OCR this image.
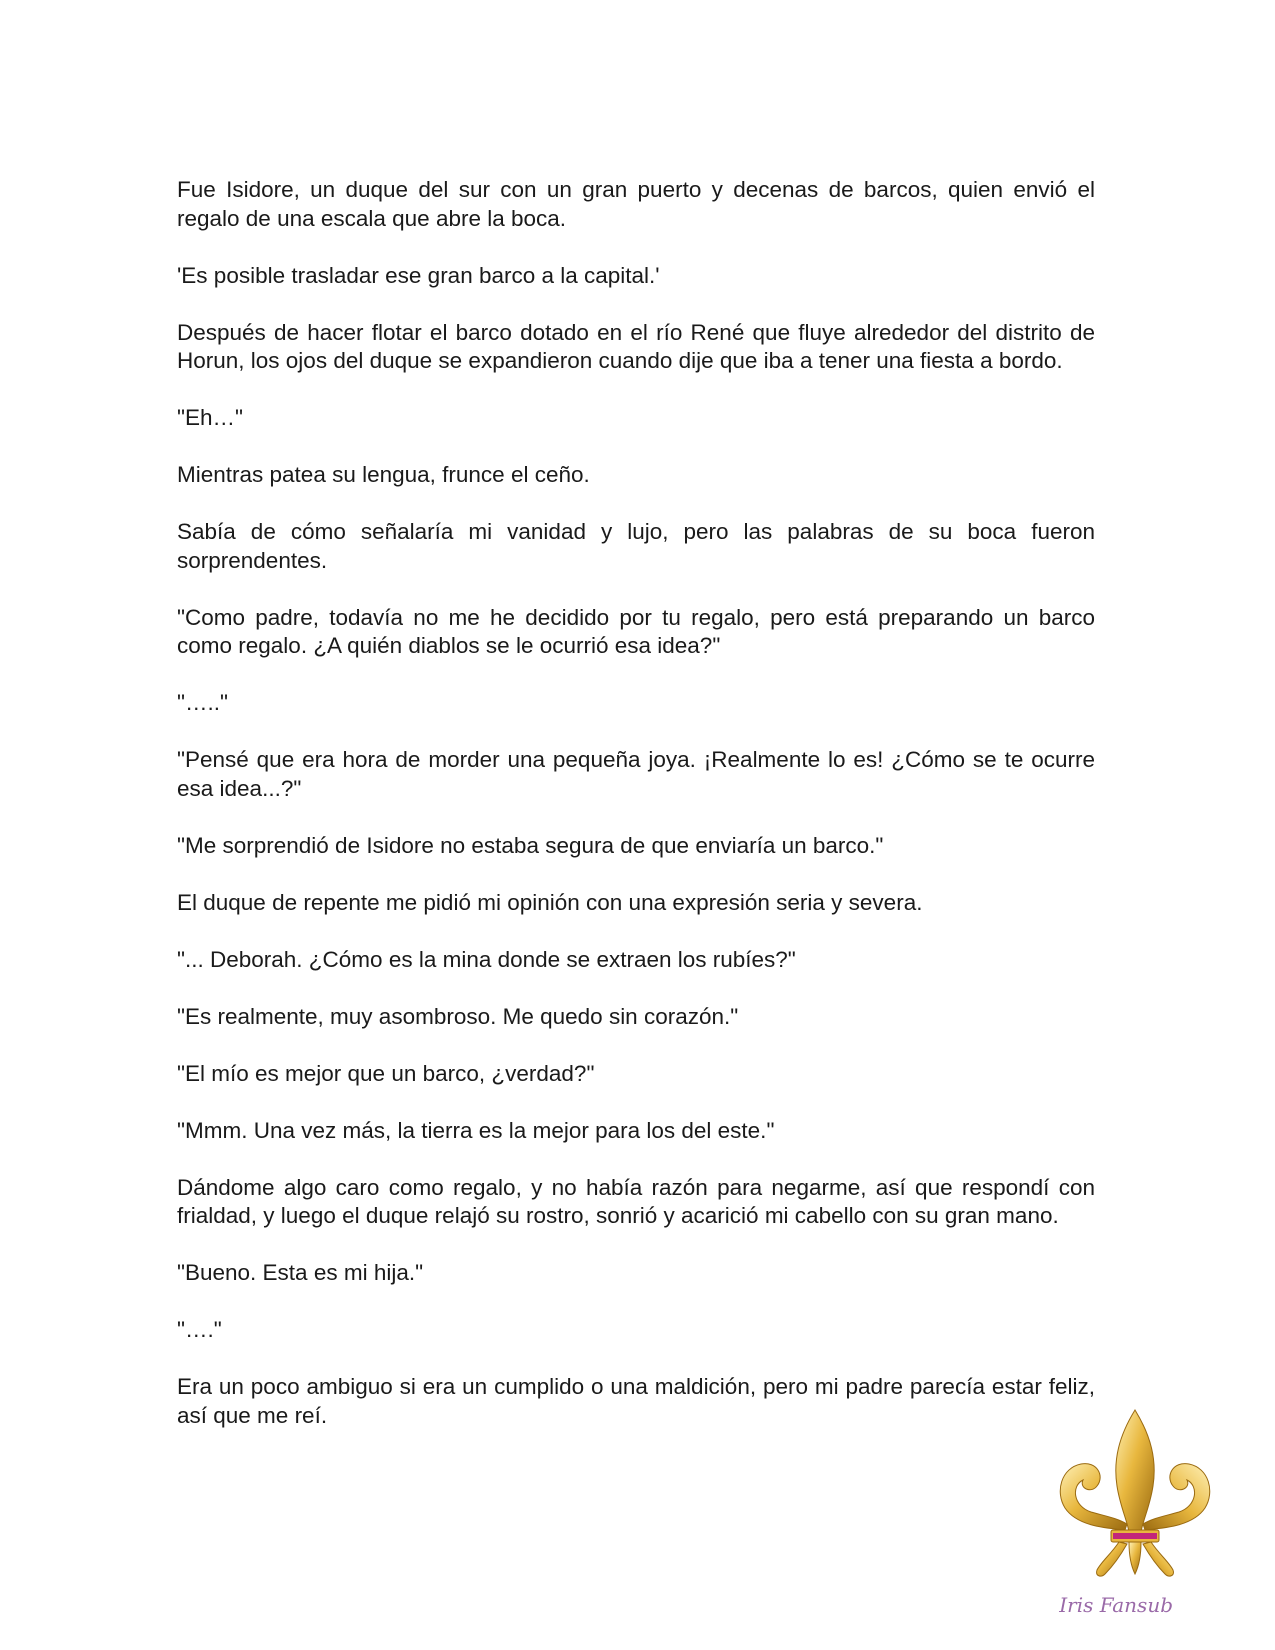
Fue Isidore, un duque del sur con un gran puerto y decenas de barcos, quien envió el regalo de una escala que abre la boca.

'Es posible trasladar ese gran barco a la capital.'

Después de hacer flotar el barco dotado en el río René que fluye alrededor del distrito de Horun, los ojos del duque se expandieron cuando dije que iba a tener una fiesta a bordo.

"Eh…"

Mientras patea su lengua, frunce el ceño.

Sabía de cómo señalaría mi vanidad y lujo, pero las palabras de su boca fueron sorprendentes.

"Como padre, todavía no me he decidido por tu regalo, pero está preparando un barco como regalo. ¿A quién diablos se le ocurrió esa idea?"

"….."

"Pensé que era hora de morder una pequeña joya. ¡Realmente lo es! ¿Cómo se te ocurre esa idea...?"

"Me sorprendió de Isidore no estaba segura de que enviaría un barco."

El duque de repente me pidió mi opinión con una expresión seria y severa.

"... Deborah. ¿Cómo es la mina donde se extraen los rubíes?"

"Es realmente, muy asombroso. Me quedo sin corazón."

"El mío es mejor que un barco, ¿verdad?"

"Mmm. Una vez más, la tierra es la mejor para los del este."

Dándome algo caro como regalo, y no había razón para negarme, así que respondí con frialdad, y luego el duque relajó su rostro, sonrió y acarició mi cabello con su gran mano.

"Bueno. Esta es mi hija."

"…."

Era un poco ambiguo si era un cumplido o una maldición, pero mi padre parecía estar feliz, así que me reí.

Iris Fansub
